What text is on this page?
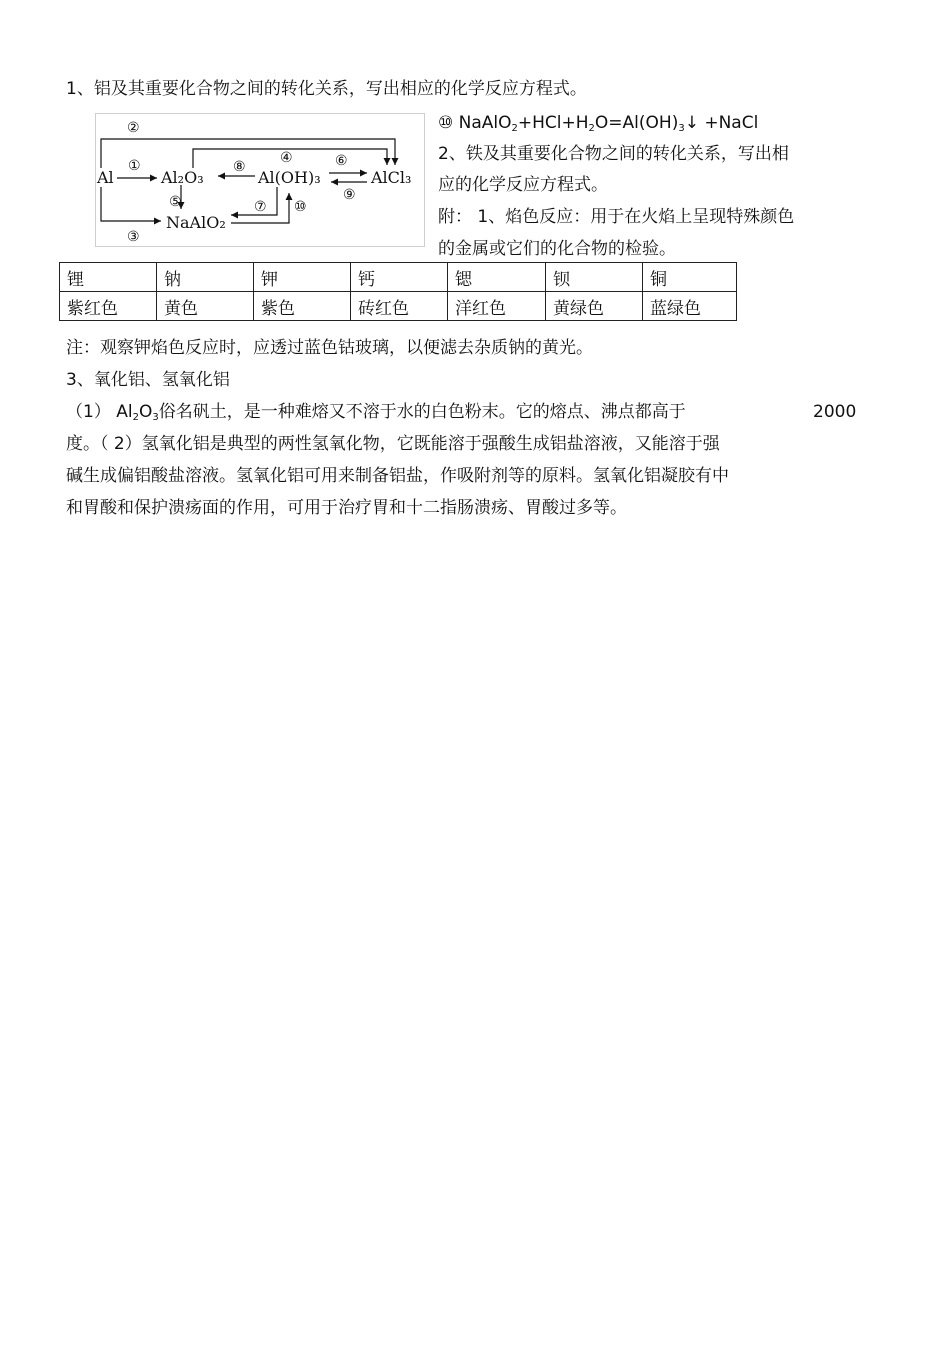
1、铝及其重要化合物之间的转化关系，写出相应的化学反应方程式。
Al	Al₂O₃	Al(OH)₃	AlCl₃
NaAlO₂
①
②
③
④
⑤
⑧	⑥
⑨
⑦ ⑩
⑩ $NaAlO_2+HCl+H_2O=Al(OH)_3↓$ +NaCl
2、铁及其重要化合物之间的转化关系，写出相
应的化学反应方程式。
附： 1、焰色反应：用于在火焰上呈现特殊颜色
的金属或它们的化合物的检验。
锂	钠	钾	钙	锶	钡	铜
紫红色	黄色	紫色	砖红色	洋红色	黄绿色	蓝绿色
注：观察钾焰色反应时，应透过蓝色钴玻璃，以便滤去杂质钠的黄光。
3、氧化铝、氢氧化铝
（1） $Al_2O_3$俗名矾土，是一种难熔又不溶于水的白色粉末。它的熔点、沸点都高于	2000
度。（ 2）氢氧化铝是典型的两性氢氧化物，它既能溶于强酸生成铝盐溶液，又能溶于强
碱生成偏铝酸盐溶液。氢氧化铝可用来制备铝盐，作吸附剂等的原料。氢氧化铝凝胶有中
和胃酸和保护溃疡面的作用，可用于治疗胃和十二指肠溃疡、胃酸过多等。
